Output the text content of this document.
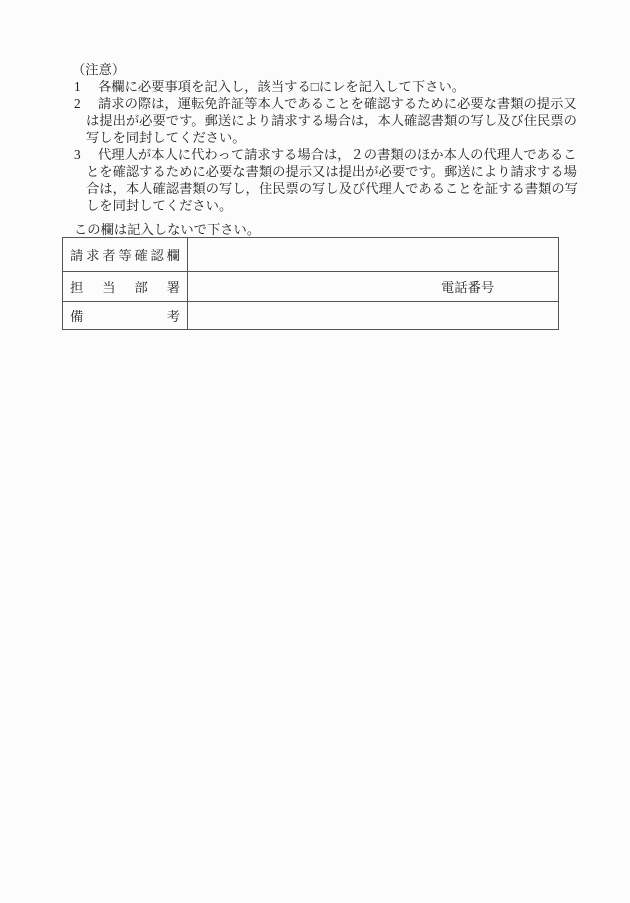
（注意）
1	各欄に必要事項を記入し，該当する□にレを記入して下さい。
2	請求の際は，運転免許証等本人であることを確認するために必要な書類の提示又
は提出が必要です。郵送により請求する場合は，本人確認書類の写し及び住民票の
写しを同封してください。
3	代理人が本人に代わって請求する場合は，２の書類のほか本人の代理人であるこ
とを確認するために必要な書類の提示又は提出が必要です。郵送により請求する場
合は，本人確認書類の写し，住民票の写し及び代理人であることを証する書類の写
しを同封してください。
この欄は記入しないで下さい。
請 求 者 等 確 認 欄

担 当 部 署	電話番号

備 考	
